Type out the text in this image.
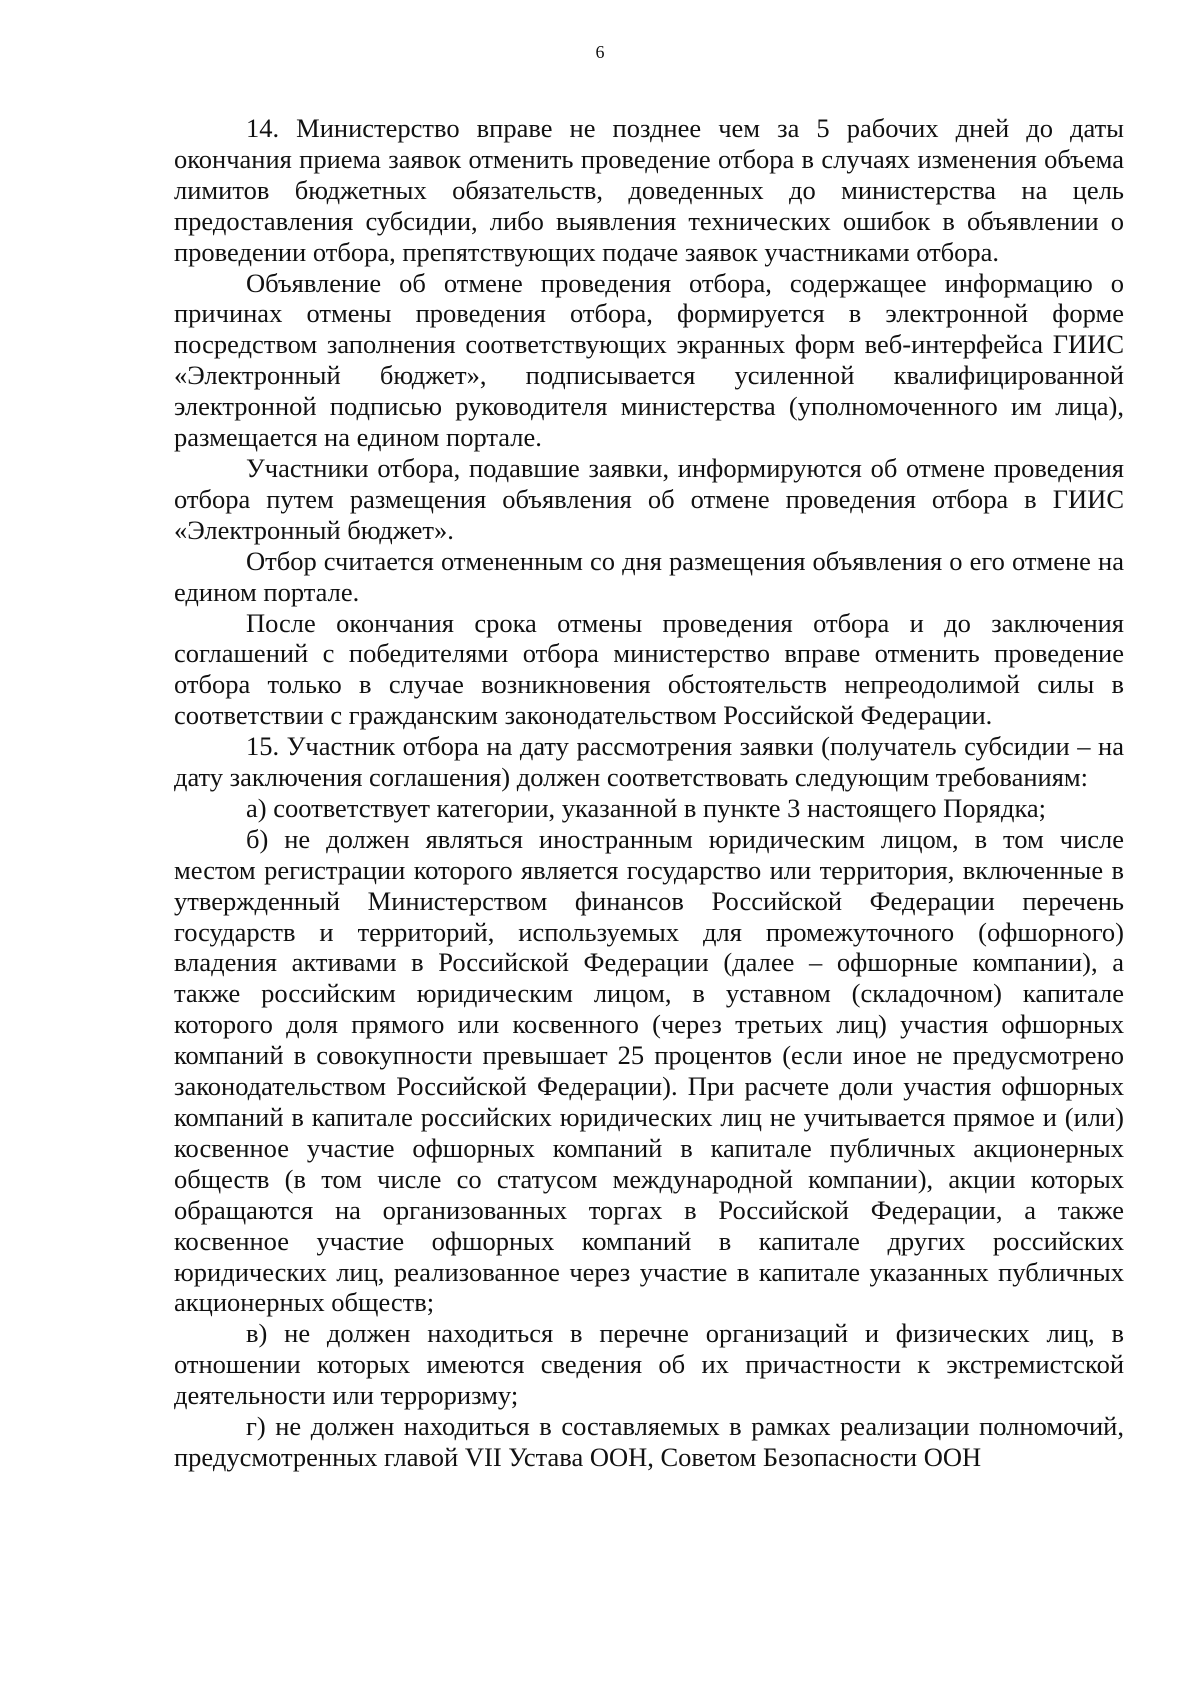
6

14. Министерство вправе не позднее чем за 5 рабочих дней до даты окончания приема заявок отменить проведение отбора в случаях изменения объема лимитов бюджетных обязательств, доведенных до министерства на цель предоставления субсидии, либо выявления технических ошибок в объявлении о проведении отбора, препятствующих подаче заявок участниками отбора.

Объявление об отмене проведения отбора, содержащее информацию о причинах отмены проведения отбора, формируется в электронной форме посредством заполнения соответствующих экранных форм веб-интерфейса ГИИС «Электронный бюджет», подписывается усиленной квалифицированной электронной подписью руководителя министерства (уполномоченного им лица), размещается на едином портале.

Участники отбора, подавшие заявки, информируются об отмене проведения отбора путем размещения объявления об отмене проведения отбора в ГИИС «Электронный бюджет».

Отбор считается отмененным со дня размещения объявления о его отмене на едином портале.

После окончания срока отмены проведения отбора и до заключения соглашений с победителями отбора министерство вправе отменить проведение отбора только в случае возникновения обстоятельств непреодолимой силы в соответствии с гражданским законодательством Российской Федерации.

15. Участник отбора на дату рассмотрения заявки (получатель субсидии – на дату заключения соглашения) должен соответствовать следующим требованиям:

а) соответствует категории, указанной в пункте 3 настоящего Порядка;

б) не должен являться иностранным юридическим лицом, в том числе местом регистрации которого является государство или территория, включенные в утвержденный Министерством финансов Российской Федерации перечень государств и территорий, используемых для промежуточного (офшорного) владения активами в Российской Федерации (далее – офшорные компании), а также российским юридическим лицом, в уставном (складочном) капитале которого доля прямого или косвенного (через третьих лиц) участия офшорных компаний в совокупности превышает 25 процентов (если иное не предусмотрено законодательством Российской Федерации). При расчете доли участия офшорных компаний в капитале российских юридических лиц не учитывается прямое и (или) косвенное участие офшорных компаний в капитале публичных акционерных обществ (в том числе со статусом международной компании), акции которых обращаются на организованных торгах в Российской Федерации, а также косвенное участие офшорных компаний в капитале других российских юридических лиц, реализованное через участие в капитале указанных публичных акционерных обществ;

в) не должен находиться в перечне организаций и физических лиц, в отношении которых имеются сведения об их причастности к экстремистской деятельности или терроризму;

г) не должен находиться в составляемых в рамках реализации полномочий, предусмотренных главой VII Устава ООН, Советом Безопасности ООН
